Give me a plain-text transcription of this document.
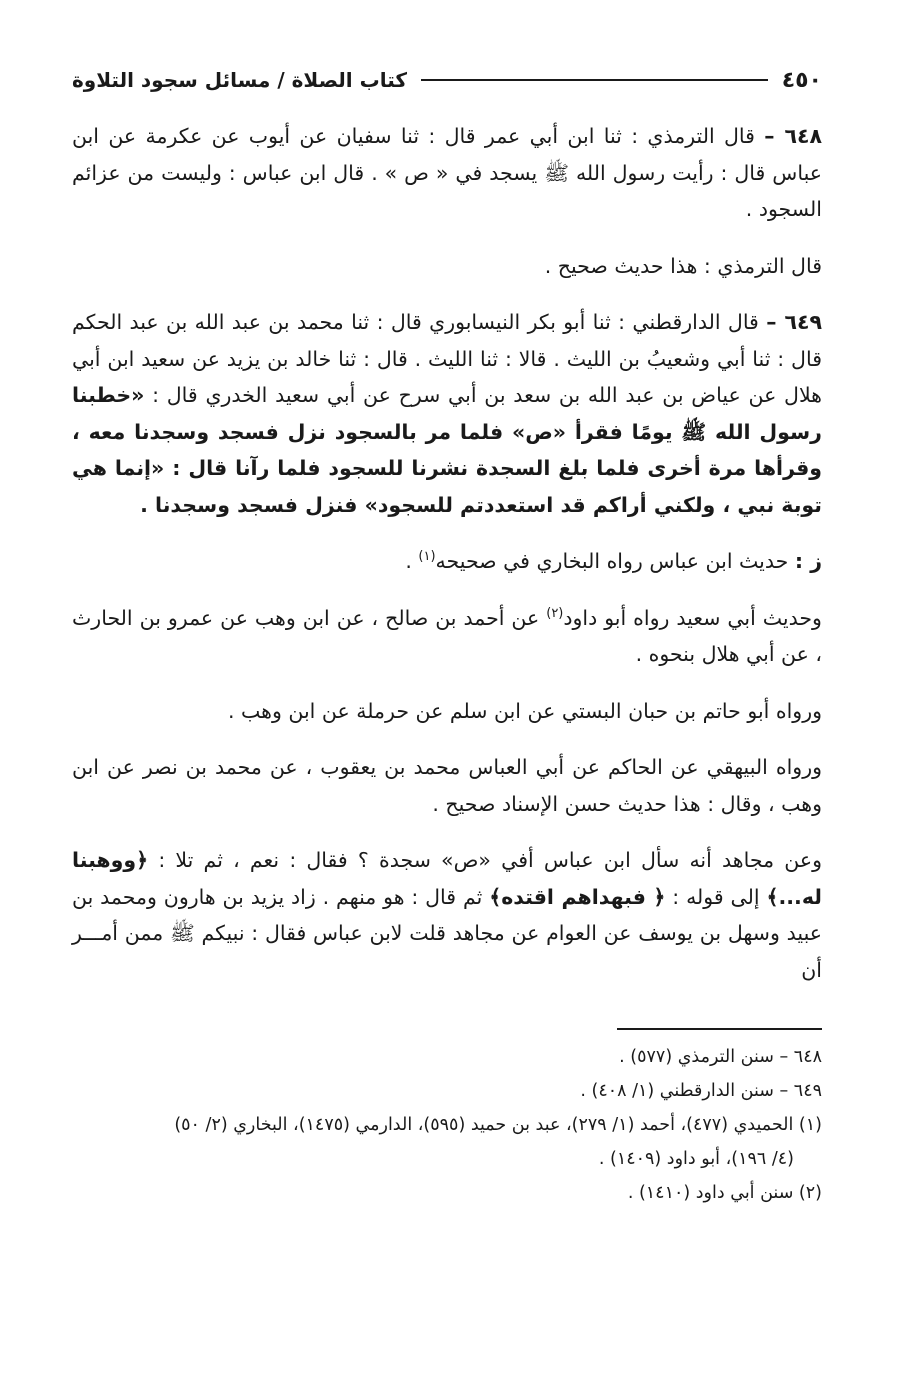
٤٥٠
كتاب الصلاة / مسائل سجود التلاوة

٦٤٨ – قال الترمذي : ثنا ابن أبي عمر قال : ثنا سفيان عن أيوب عن عكرمة عن ابن عباس قال : رأيت رسول الله ﷺ يسجد في « ص » . قال ابن عباس : وليست من عزائم السجود .

قال الترمذي : هذا حديث صحيح .

٦٤٩ – قال الدارقطني : ثنا أبو بكر النيسابوري قال : ثنا محمد بن عبد الله بن عبد الحكم قال : ثنا أبي وشعيبُ بن الليث . قالا : ثنا الليث . قال : ثنا خالد بن يزيد عن سعيد ابن أبي هلال عن عياض بن عبد الله بن سعد بن أبي سرح عن أبي سعيد الخدري قال : «خطبنا رسول الله ﷺ يومًا فقرأ «ص» فلما مر بالسجود نزل فسجد وسجدنا معه ، وقرأها مرة أخرى فلما بلغ السجدة نشرنا للسجود فلما رآنا قال : «إنما هي توبة نبي ، ولكني أراكم قد استعددتم للسجود» فنزل فسجد وسجدنا .

ز : حديث ابن عباس رواه البخاري في صحيحه$^{(١)}$ .

وحديث أبي سعيد رواه أبو داود$^{(٢)}$ عن أحمد بن صالح ، عن ابن وهب عن عمرو بن الحارث ، عن أبي هلال بنحوه .

ورواه أبو حاتم بن حبان البستي عن ابن سلم عن حرملة عن ابن وهب .

ورواه البيهقي عن الحاكم عن أبي العباس محمد بن يعقوب ، عن محمد بن نصر عن ابن وهب ، وقال : هذا حديث حسن الإسناد صحيح .

وعن مجاهد أنه سأل ابن عباس أفي «ص» سجدة ؟ فقال : نعم ، ثم تلا : ﴿ووهبنا له...﴾ إلى قوله : ﴿ فبهداهم اقتده﴾ ثم قال : هو منهم . زاد يزيد بن هارون ومحمد بن عبيد وسهل بن يوسف عن العوام عن مجاهد قلت لابن عباس فقال : نبيكم ﷺ ممن أمـــر أن

٦٤٨ – سنن الترمذي (٥٧٧) .

٦٤٩ – سنن الدارقطني (١/ ٤٠٨) .

(١) الحميدي (٤٧٧)، أحمد (١/ ٢٧٩)، عبد بن حميد (٥٩٥)، الدارمي (١٤٧٥)، البخاري (٢/ ٥٠)

(٤/ ١٩٦)، أبو داود (١٤٠٩) .

(٢) سنن أبي داود (١٤١٠) .
